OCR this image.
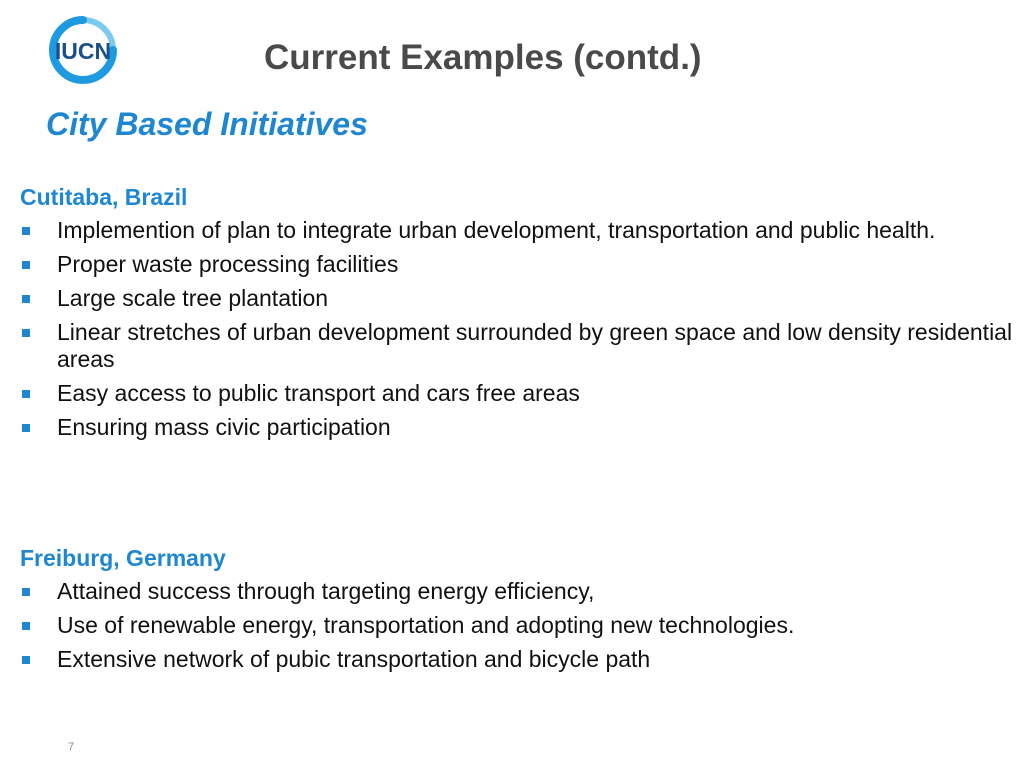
IUCN	Current Examples (contd.)
City Based Initiatives
Cutitaba, Brazil
Implemention of plan to integrate urban development, transportation and public health.
Proper waste processing facilities
Large scale tree plantation
Linear stretches of urban development surrounded by green space and low density residential areas
Easy access to public transport and cars free areas
Ensuring mass civic participation
Freiburg, Germany
Attained success through targeting energy efficiency,
Use of renewable energy, transportation and adopting new technologies.
Extensive network of pubic transportation and bicycle path
7
